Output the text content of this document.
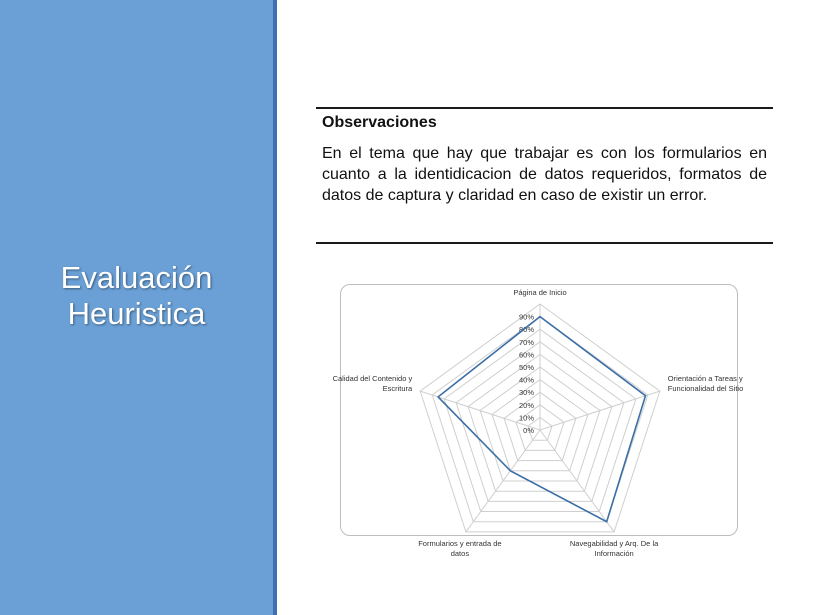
Evaluación
Heuristica
Observaciones
En el tema que hay que trabajar es con los formularios en cuanto a la identidicacion de datos requeridos, formatos de datos de captura y claridad en caso de existir un error.
0%
10%
20%
30%
40%
50%
60%
70%
80%
90%
Página de Inicio
Orientación a Tareas y Funcionalidad del Sitio
Navegabilidad y Arq. De la Información
Formularios y entrada de datos
Calidad del Contenido y Escritura
